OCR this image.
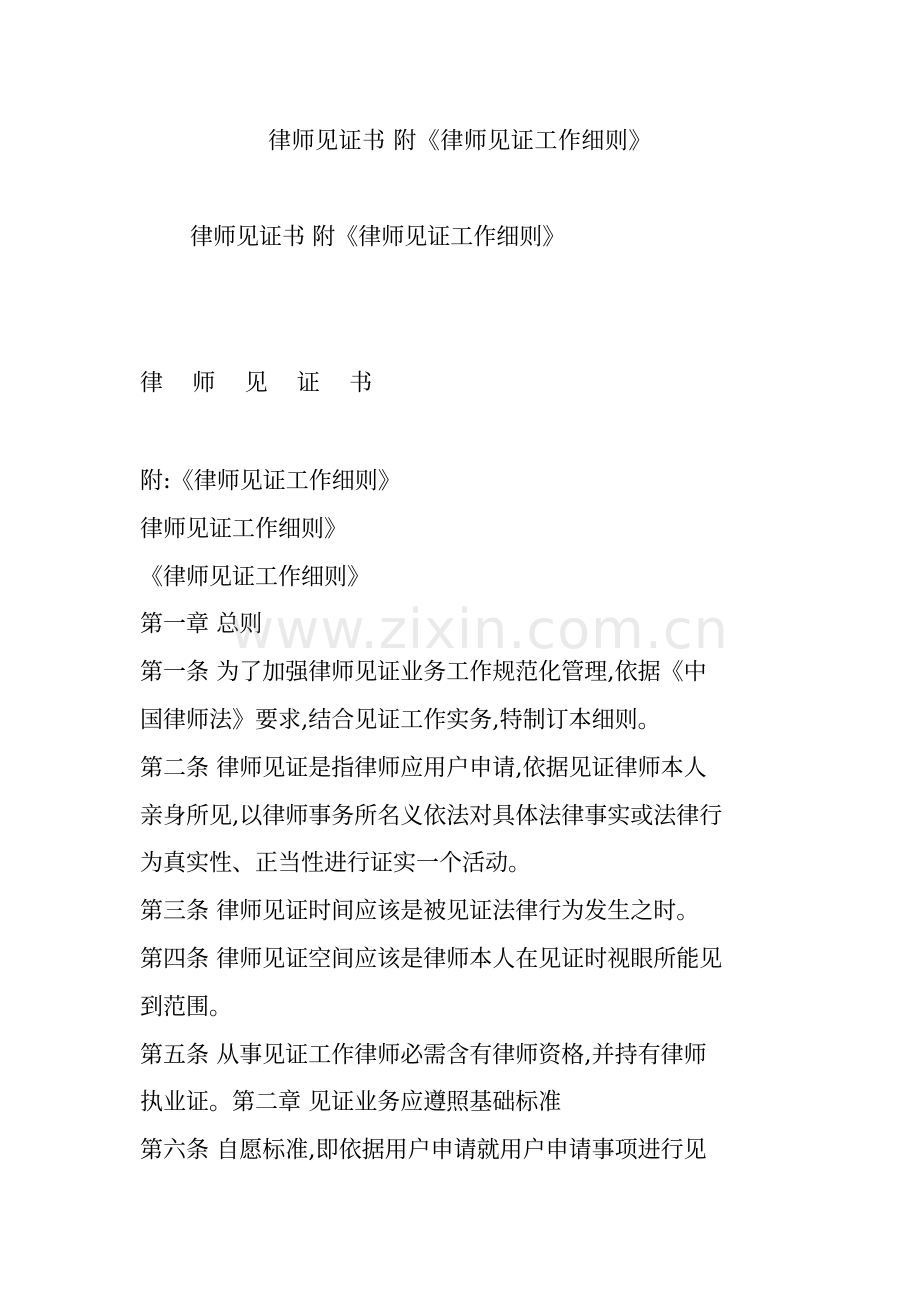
律师见证书 附《律师见证工作细则》
律师见证书 附《律师见证工作细则》
律 师 见 证 书
附:《律师见证工作细则》
律师见证工作细则》
《律师见证工作细则》
第一章 总则
第一条 为了加强律师见证业务工作规范化管理,依据《中
国律师法》要求,结合见证工作实务,特制订本细则。
第二条 律师见证是指律师应用户申请,依据见证律师本人
亲身所见,以律师事务所名义依法对具体法律事实或法律行
为真实性、正当性进行证实一个活动。
第三条 律师见证时间应该是被见证法律行为发生之时。
第四条 律师见证空间应该是律师本人在见证时视眼所能见
到范围。
第五条 从事见证工作律师必需含有律师资格,并持有律师
执业证。第二章 见证业务应遵照基础标准
第六条 自愿标准,即依据用户申请就用户申请事项进行见
www.zixin.com.cn
